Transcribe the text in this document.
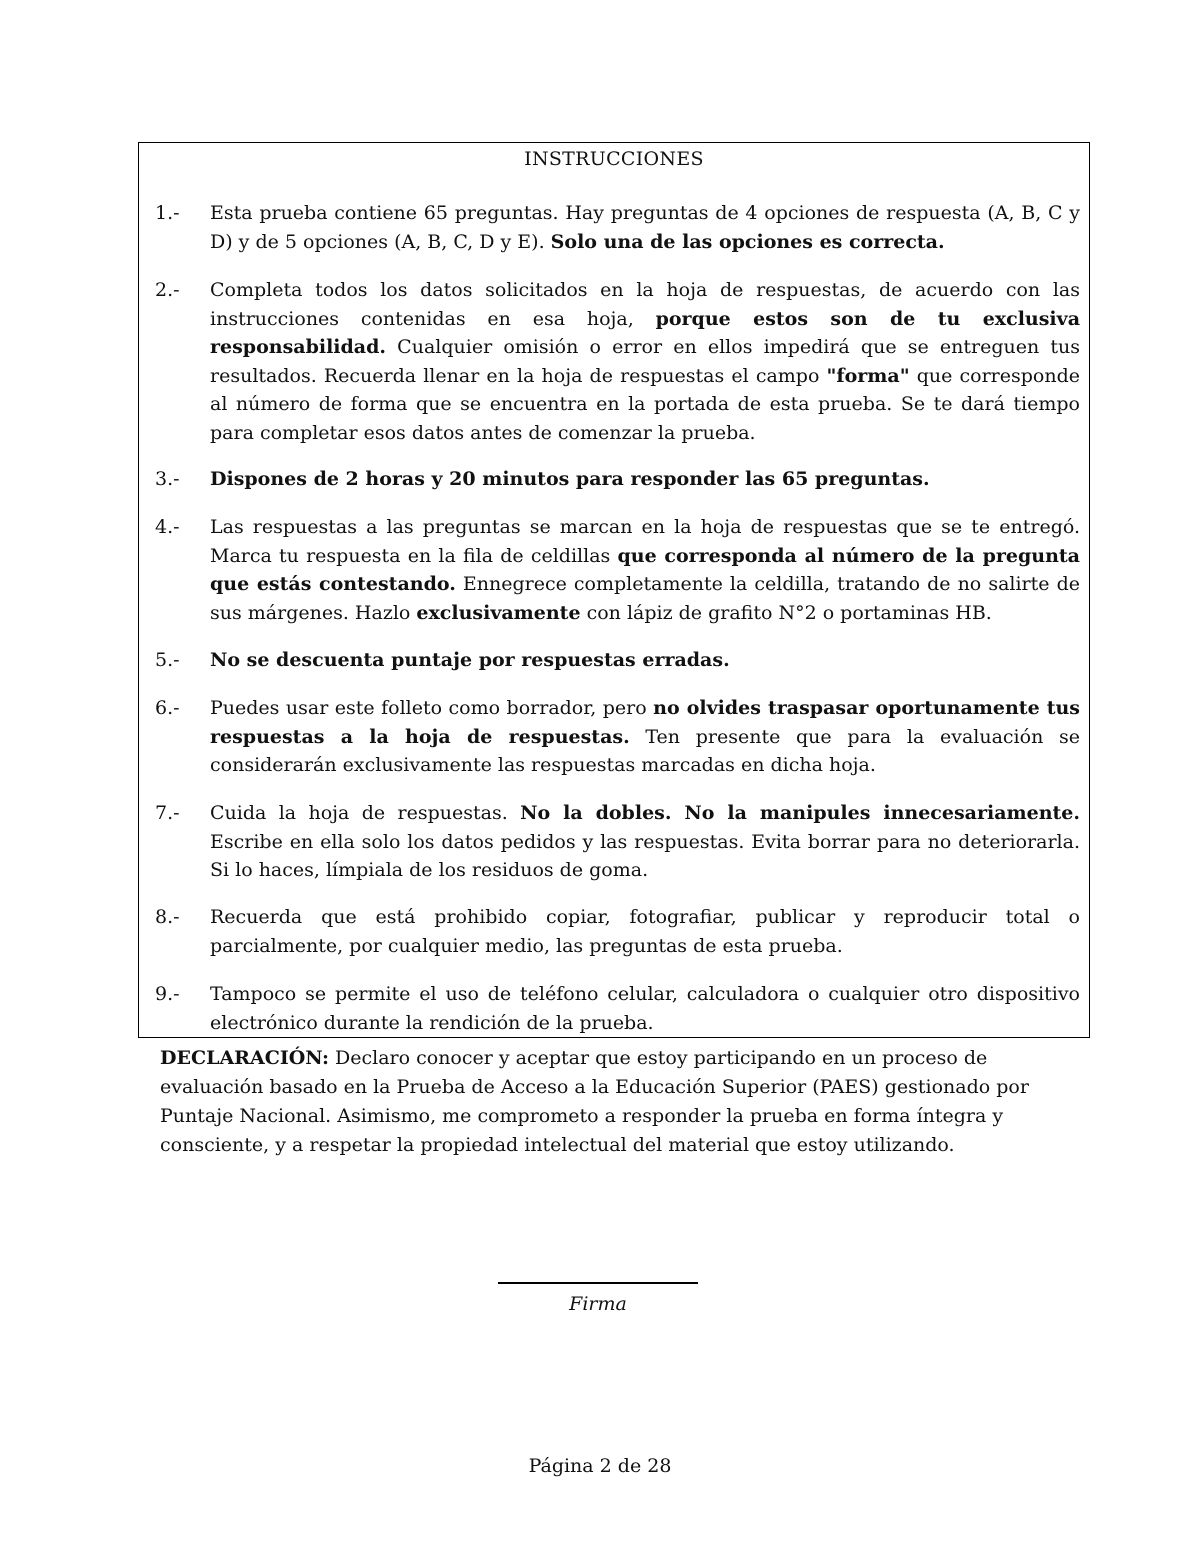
INSTRUCCIONES
1.- Esta prueba contiene 65 preguntas. Hay preguntas de 4 opciones de respuesta (A, B, C y D) y de 5 opciones (A, B, C, D y E). Solo una de las opciones es correcta.
2.- Completa todos los datos solicitados en la hoja de respuestas, de acuerdo con las instrucciones contenidas en esa hoja, porque estos son de tu exclusiva responsabilidad. Cualquier omisión o error en ellos impedirá que se entreguen tus resultados. Recuerda llenar en la hoja de respuestas el campo "forma" que corresponde al número de forma que se encuentra en la portada de esta prueba. Se te dará tiempo para completar esos datos antes de comenzar la prueba.
3.- Dispones de 2 horas y 20 minutos para responder las 65 preguntas.
4.- Las respuestas a las preguntas se marcan en la hoja de respuestas que se te entregó. Marca tu respuesta en la fila de celdillas que corresponda al número de la pregunta que estás contestando. Ennegrece completamente la celdilla, tratando de no salirte de sus márgenes. Hazlo exclusivamente con lápiz de grafito N°2 o portaminas HB.
5.- No se descuenta puntaje por respuestas erradas.
6.- Puedes usar este folleto como borrador, pero no olvides traspasar oportunamente tus respuestas a la hoja de respuestas. Ten presente que para la evaluación se considerarán exclusivamente las respuestas marcadas en dicha hoja.
7.- Cuida la hoja de respuestas. No la dobles. No la manipules innecesariamente. Escribe en ella solo los datos pedidos y las respuestas. Evita borrar para no deteriorarla. Si lo haces, límpiala de los residuos de goma.
8.- Recuerda que está prohibido copiar, fotografiar, publicar y reproducir total o parcialmente, por cualquier medio, las preguntas de esta prueba.
9.- Tampoco se permite el uso de teléfono celular, calculadora o cualquier otro dispositivo electrónico durante la rendición de la prueba.
DECLARACIÓN: Declaro conocer y aceptar que estoy participando en un proceso de evaluación basado en la Prueba de Acceso a la Educación Superior (PAES) gestionado por Puntaje Nacional. Asimismo, me comprometo a responder la prueba en forma íntegra y consciente, y a respetar la propiedad intelectual del material que estoy utilizando.
Firma
Página 2 de 28
